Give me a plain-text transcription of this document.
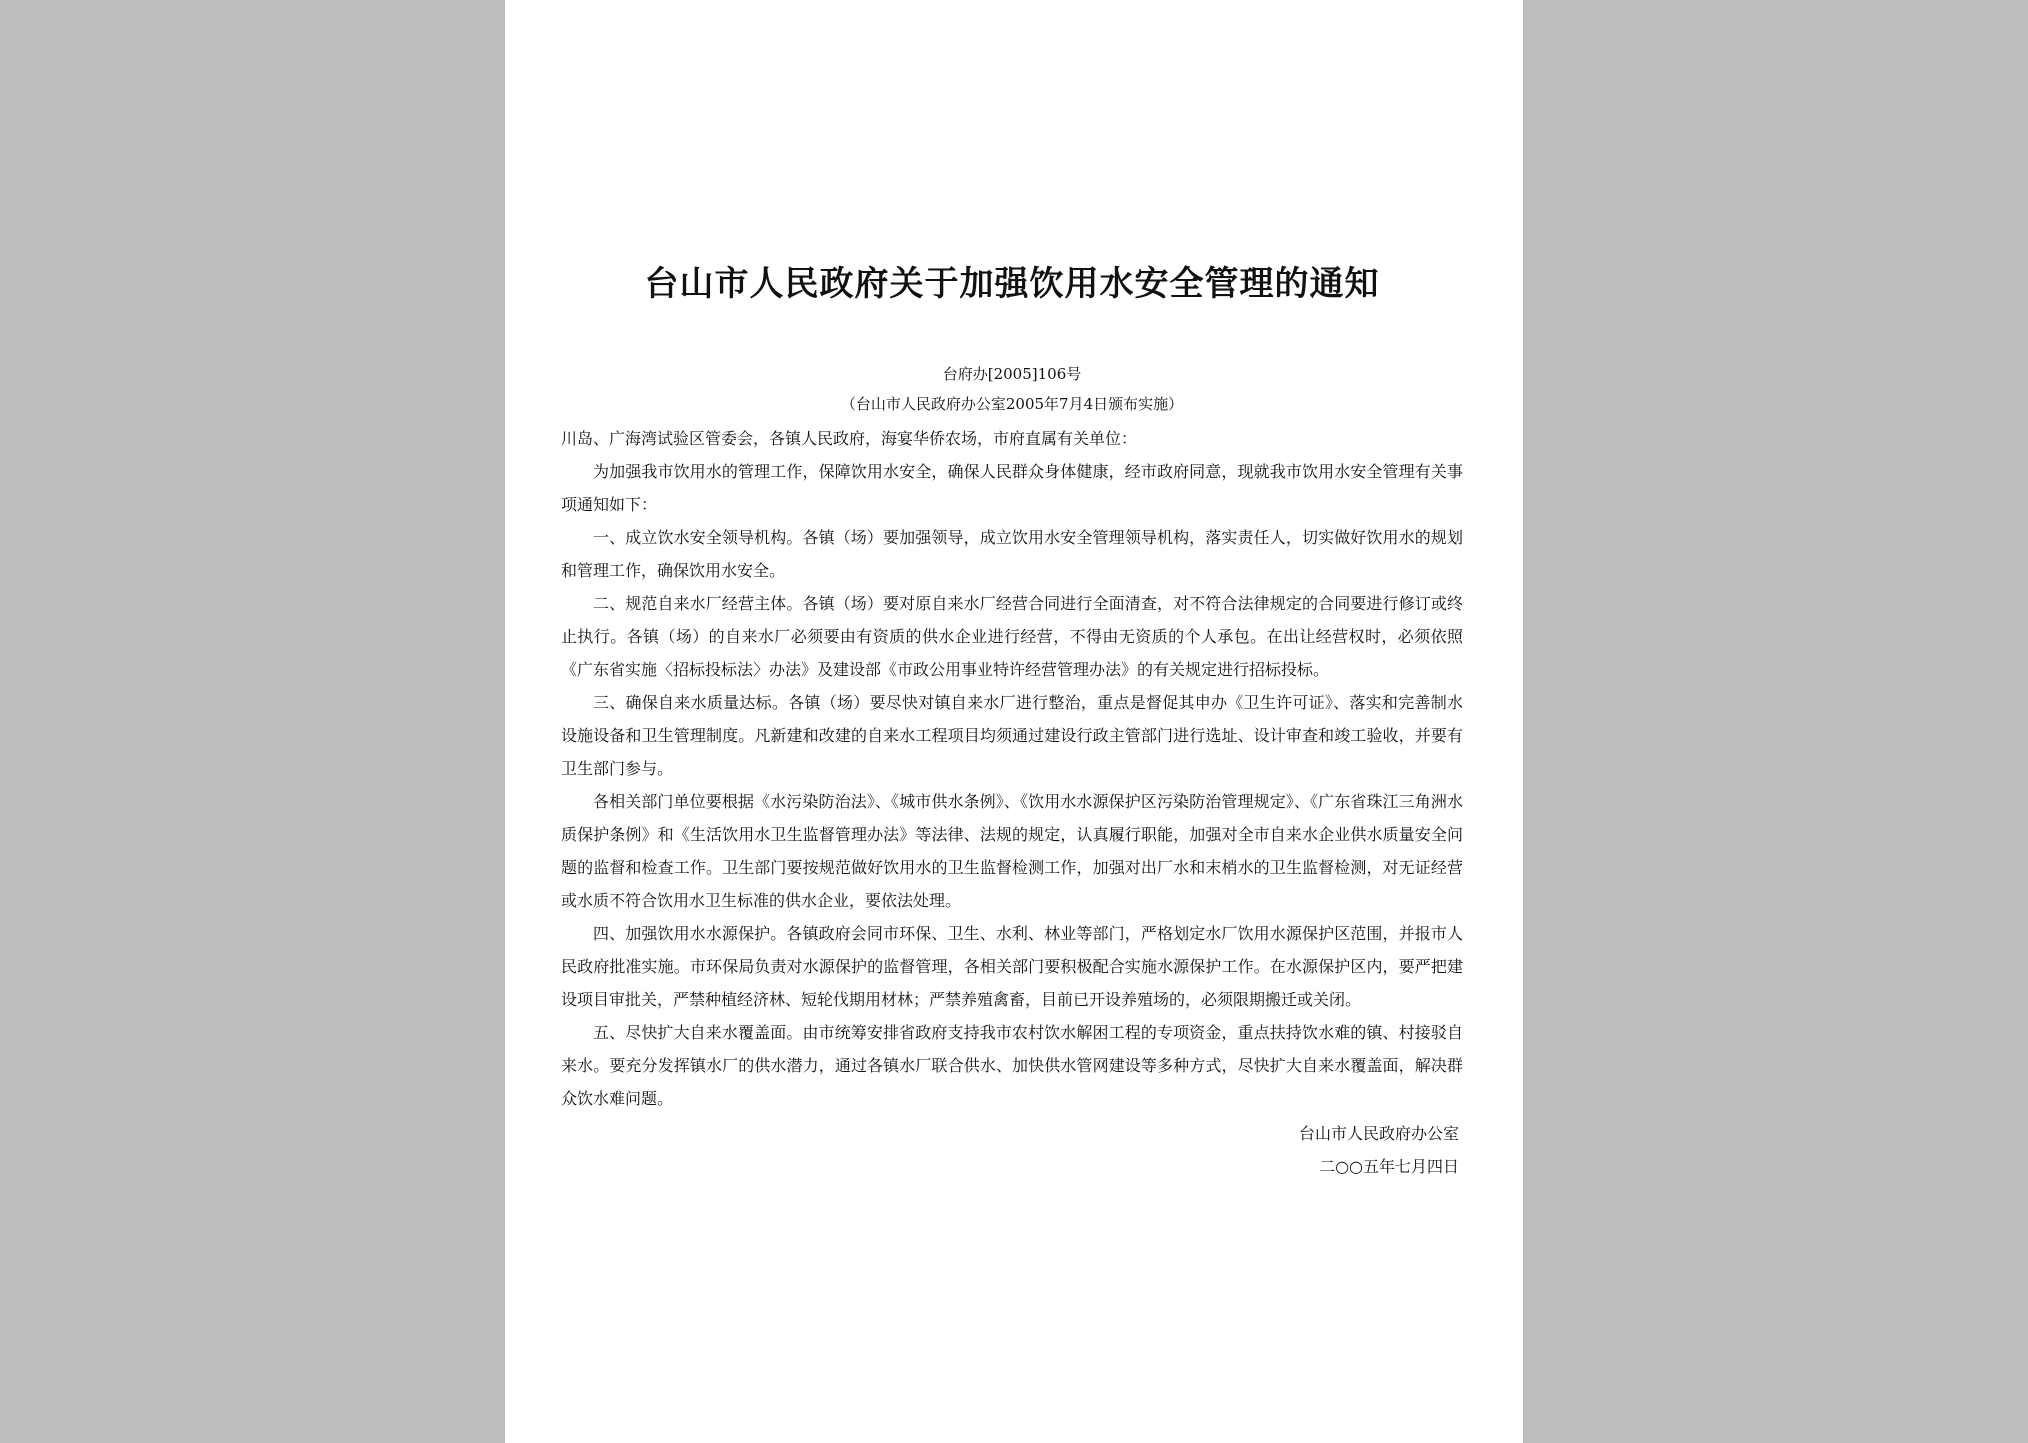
台山市人民政府关于加强饮用水安全管理的通知

台府办[2005]106号

（台山市人民政府办公室2005年7月4日颁布实施）

川岛、广海湾试验区管委会，各镇人民政府，海宴华侨农场，市府直属有关单位：

为加强我市饮用水的管理工作，保障饮用水安全，确保人民群众身体健康，经市政府同意，现就我市饮用水安全管理有关事项通知如下：

一、成立饮水安全领导机构。各镇（场）要加强领导，成立饮用水安全管理领导机构，落实责任人，切实做好饮用水的规划和管理工作，确保饮用水安全。

二、规范自来水厂经营主体。各镇（场）要对原自来水厂经营合同进行全面清查，对不符合法律规定的合同要进行修订或终止执行。各镇（场）的自来水厂必须要由有资质的供水企业进行经营，不得由无资质的个人承包。在出让经营权时，必须依照《广东省实施〈招标投标法〉办法》及建设部《市政公用事业特许经营管理办法》的有关规定进行招标投标。

三、确保自来水质量达标。各镇（场）要尽快对镇自来水厂进行整治，重点是督促其申办《卫生许可证》、落实和完善制水设施设备和卫生管理制度。凡新建和改建的自来水工程项目均须通过建设行政主管部门进行选址、设计审查和竣工验收，并要有卫生部门参与。

各相关部门单位要根据《水污染防治法》、《城市供水条例》、《饮用水水源保护区污染防治管理规定》、《广东省珠江三角洲水质保护条例》和《生活饮用水卫生监督管理办法》等法律、法规的规定，认真履行职能，加强对全市自来水企业供水质量安全问题的监督和检查工作。卫生部门要按规范做好饮用水的卫生监督检测工作，加强对出厂水和末梢水的卫生监督检测，对无证经营或水质不符合饮用水卫生标准的供水企业，要依法处理。

四、加强饮用水水源保护。各镇政府会同市环保、卫生、水利、林业等部门，严格划定水厂饮用水源保护区范围，并报市人民政府批准实施。市环保局负责对水源保护的监督管理，各相关部门要积极配合实施水源保护工作。在水源保护区内，要严把建设项目审批关，严禁种植经济林、短轮伐期用材林；严禁养殖禽畜，目前已开设养殖场的，必须限期搬迁或关闭。

五、尽快扩大自来水覆盖面。由市统筹安排省政府支持我市农村饮水解困工程的专项资金，重点扶持饮水难的镇、村接驳自来水。要充分发挥镇水厂的供水潜力，通过各镇水厂联合供水、加快供水管网建设等多种方式，尽快扩大自来水覆盖面，解决群众饮水难问题。

台山市人民政府办公室

二○○五年七月四日
